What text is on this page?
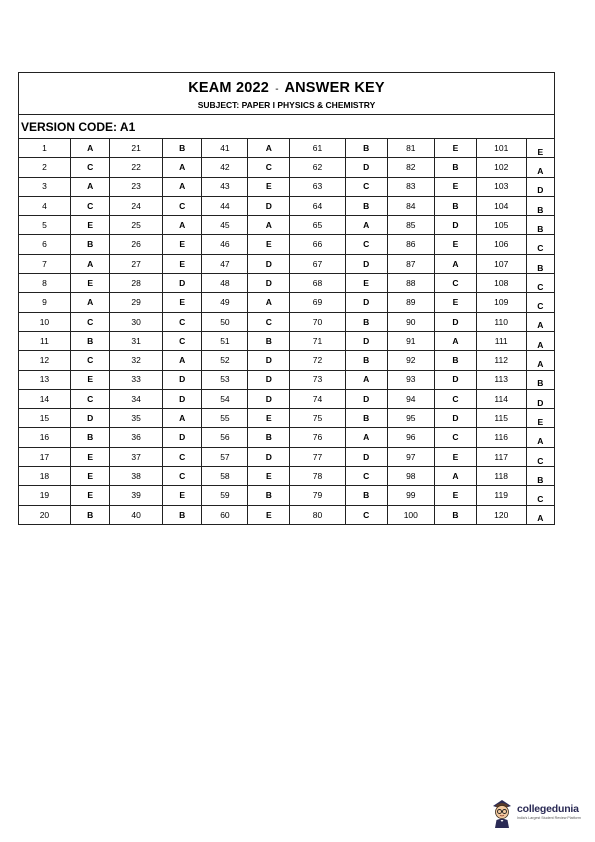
KEAM 2022 - ANSWER KEY
SUBJECT: PAPER I PHYSICS & CHEMISTRY
VERSION CODE: A1
1	A	21	B	41	A	61	B	81	E	101	E
2	C	22	A	42	C	62	D	82	B	102	A
3	A	23	A	43	E	63	C	83	E	103	D
4	C	24	C	44	D	64	B	84	B	104	B
5	E	25	A	45	A	65	A	85	D	105	B
6	B	26	E	46	E	66	C	86	E	106	C
7	A	27	E	47	D	67	D	87	A	107	B
8	E	28	D	48	D	68	E	88	C	108	C
9	A	29	E	49	A	69	D	89	E	109	C
10	C	30	C	50	C	70	B	90	D	110	A
11	B	31	C	51	B	71	D	91	A	111	A
12	C	32	A	52	D	72	B	92	B	112	A
13	E	33	D	53	D	73	A	93	D	113	B
14	C	34	D	54	D	74	D	94	C	114	D
15	D	35	A	55	E	75	B	95	D	115	E
16	B	36	D	56	B	76	A	96	C	116	A
17	E	37	C	57	D	77	D	97	E	117	C
18	E	38	C	58	E	78	C	98	A	118	B
19	E	39	E	59	B	79	B	99	E	119	C
20	B	40	B	60	E	80	C	100	B	120	A
collegedunia
India's Largest Student Review Platform
